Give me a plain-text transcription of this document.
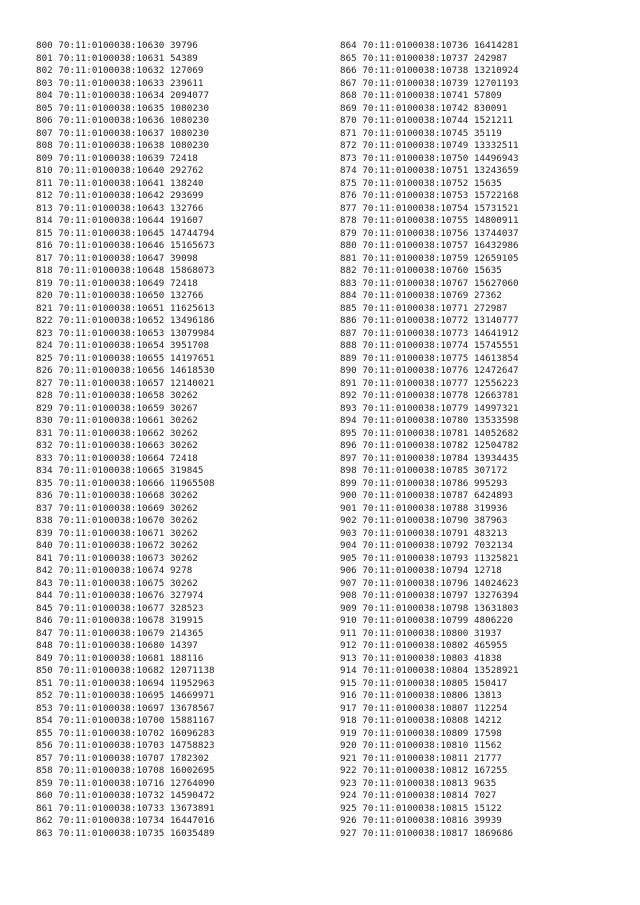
800 70:11:0100038:10630 39796
801 70:11:0100038:10631 54389
802 70:11:0100038:10632 127069
803 70:11:0100038:10633 239611
804 70:11:0100038:10634 2094077
805 70:11:0100038:10635 1080230
806 70:11:0100038:10636 1080230
807 70:11:0100038:10637 1080230
808 70:11:0100038:10638 1080230
809 70:11:0100038:10639 72418
810 70:11:0100038:10640 292762
811 70:11:0100038:10641 138240
812 70:11:0100038:10642 293699
813 70:11:0100038:10643 132766
814 70:11:0100038:10644 191607
815 70:11:0100038:10645 14744794
816 70:11:0100038:10646 15165673
817 70:11:0100038:10647 39098
818 70:11:0100038:10648 15868073
819 70:11:0100038:10649 72418
820 70:11:0100038:10650 132766
821 70:11:0100038:10651 11625613
822 70:11:0100038:10652 13496186
823 70:11:0100038:10653 13079984
824 70:11:0100038:10654 3951708
825 70:11:0100038:10655 14197651
826 70:11:0100038:10656 14618530
827 70:11:0100038:10657 12140021
828 70:11:0100038:10658 30262
829 70:11:0100038:10659 30267
830 70:11:0100038:10661 30262
831 70:11:0100038:10662 30262
832 70:11:0100038:10663 30262
833 70:11:0100038:10664 72418
834 70:11:0100038:10665 319845
835 70:11:0100038:10666 11965508
836 70:11:0100038:10668 30262
837 70:11:0100038:10669 30262
838 70:11:0100038:10670 30262
839 70:11:0100038:10671 30262
840 70:11:0100038:10672 30262
841 70:11:0100038:10673 30262
842 70:11:0100038:10674 9278
843 70:11:0100038:10675 30262
844 70:11:0100038:10676 327974
845 70:11:0100038:10677 328523
846 70:11:0100038:10678 319915
847 70:11:0100038:10679 214365
848 70:11:0100038:10680 14397
849 70:11:0100038:10681 188116
850 70:11:0100038:10682 12071138
851 70:11:0100038:10694 11952963
852 70:11:0100038:10695 14669971
853 70:11:0100038:10697 13678567
854 70:11:0100038:10700 15881167
855 70:11:0100038:10702 16096283
856 70:11:0100038:10703 14758823
857 70:11:0100038:10707 1782302
858 70:11:0100038:10708 16002695
859 70:11:0100038:10716 12764090
860 70:11:0100038:10732 14590472
861 70:11:0100038:10733 13673891
862 70:11:0100038:10734 16447016
863 70:11:0100038:10735 16035489
864 70:11:0100038:10736 16414281
865 70:11:0100038:10737 242987
866 70:11:0100038:10738 13210924
867 70:11:0100038:10739 12701193
868 70:11:0100038:10741 57809
869 70:11:0100038:10742 830091
870 70:11:0100038:10744 1521211
871 70:11:0100038:10745 35119
872 70:11:0100038:10749 13332511
873 70:11:0100038:10750 14496943
874 70:11:0100038:10751 13243659
875 70:11:0100038:10752 15635
876 70:11:0100038:10753 15722168
877 70:11:0100038:10754 15731521
878 70:11:0100038:10755 14800911
879 70:11:0100038:10756 13744037
880 70:11:0100038:10757 16432986
881 70:11:0100038:10759 12659105
882 70:11:0100038:10760 15635
883 70:11:0100038:10767 15627060
884 70:11:0100038:10769 27362
885 70:11:0100038:10771 272987
886 70:11:0100038:10772 13140777
887 70:11:0100038:10773 14641912
888 70:11:0100038:10774 15745551
889 70:11:0100038:10775 14613854
890 70:11:0100038:10776 12472647
891 70:11:0100038:10777 12556223
892 70:11:0100038:10778 12663781
893 70:11:0100038:10779 14997321
894 70:11:0100038:10780 13533598
895 70:11:0100038:10781 14052682
896 70:11:0100038:10782 12504782
897 70:11:0100038:10784 13934435
898 70:11:0100038:10785 307172
899 70:11:0100038:10786 995293
900 70:11:0100038:10787 6424893
901 70:11:0100038:10788 319936
902 70:11:0100038:10790 387963
903 70:11:0100038:10791 483213
904 70:11:0100038:10792 7032134
905 70:11:0100038:10793 11325821
906 70:11:0100038:10794 12718
907 70:11:0100038:10796 14024623
908 70:11:0100038:10797 13276394
909 70:11:0100038:10798 13631803
910 70:11:0100038:10799 4806220
911 70:11:0100038:10800 31937
912 70:11:0100038:10802 465955
913 70:11:0100038:10803 41838
914 70:11:0100038:10804 13528921
915 70:11:0100038:10805 150417
916 70:11:0100038:10806 13813
917 70:11:0100038:10807 112254
918 70:11:0100038:10808 14212
919 70:11:0100038:10809 17598
920 70:11:0100038:10810 11562
921 70:11:0100038:10811 21777
922 70:11:0100038:10812 167255
923 70:11:0100038:10813 9635
924 70:11:0100038:10814 7027
925 70:11:0100038:10815 15122
926 70:11:0100038:10816 39939
927 70:11:0100038:10817 1869686
